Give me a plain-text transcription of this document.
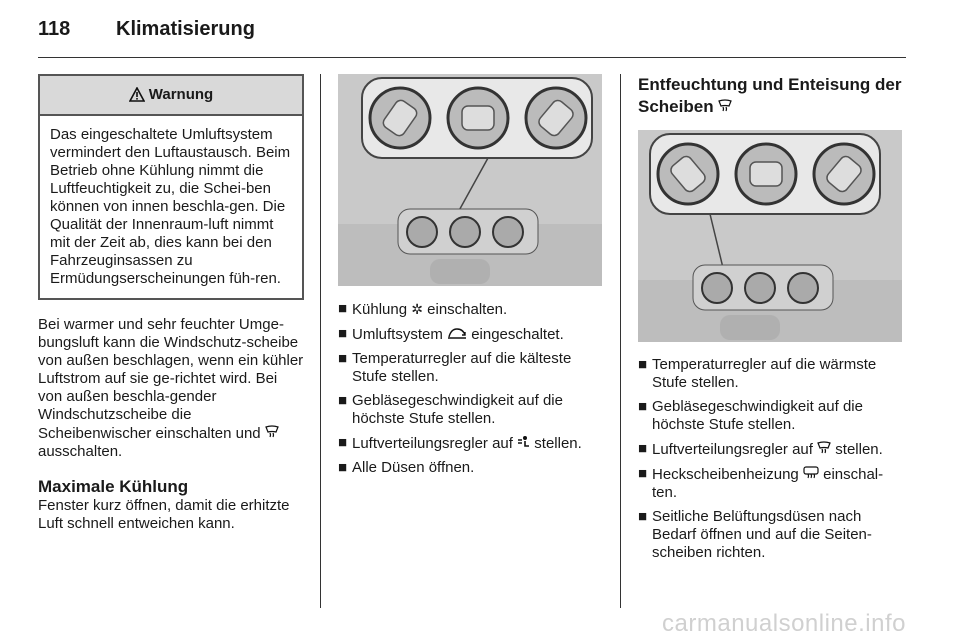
118 Klimatisierung
Warnung
Das eingeschaltete Umluftsystem vermindert den Luftaustausch. Beim Betrieb ohne Kühlung nimmt die Luftfeuchtigkeit zu, die Schei-ben können von innen beschla-gen. Die Qualität der Innenraum-luft nimmt mit der Zeit ab, dies kann bei den Fahrzeuginsassen zu Ermüdungserscheinungen füh-ren.

Bei warmer und sehr feuchter Umge-bungsluft kann die Windschutz-scheibe von außen beschlagen, wenn ein kühler Luftstrom auf sie ge-richtet wird. Bei von außen beschla-gender Windschutzscheibe die Scheibenwischer einschalten und  ausschalten.

Maximale Kühlung

Fenster kurz öffnen, damit die erhitzte Luft schnell entweichen kann.

■ Kühlung ✲ einschalten.
■ Umluftsystem eingeschaltet.
■ Temperaturregler auf die kälteste Stufe stellen.
■ Gebläsegeschwindigkeit auf die höchste Stufe stellen.
■ Luftverteilungsregler auf stellen.
■ Alle Düsen öffnen.
Entfeuchtung und Enteisung der Scheiben
■ Temperaturregler auf die wärmste Stufe stellen.
■ Gebläsegeschwindigkeit auf die höchste Stufe stellen.
■ Luftverteilungsregler auf stellen.
■ Heckscheibenheizung einschal-ten.
■ Seitliche Belüftungsdüsen nach Bedarf öffnen und auf die Seiten-scheiben richten.
carmanualsonline.info
